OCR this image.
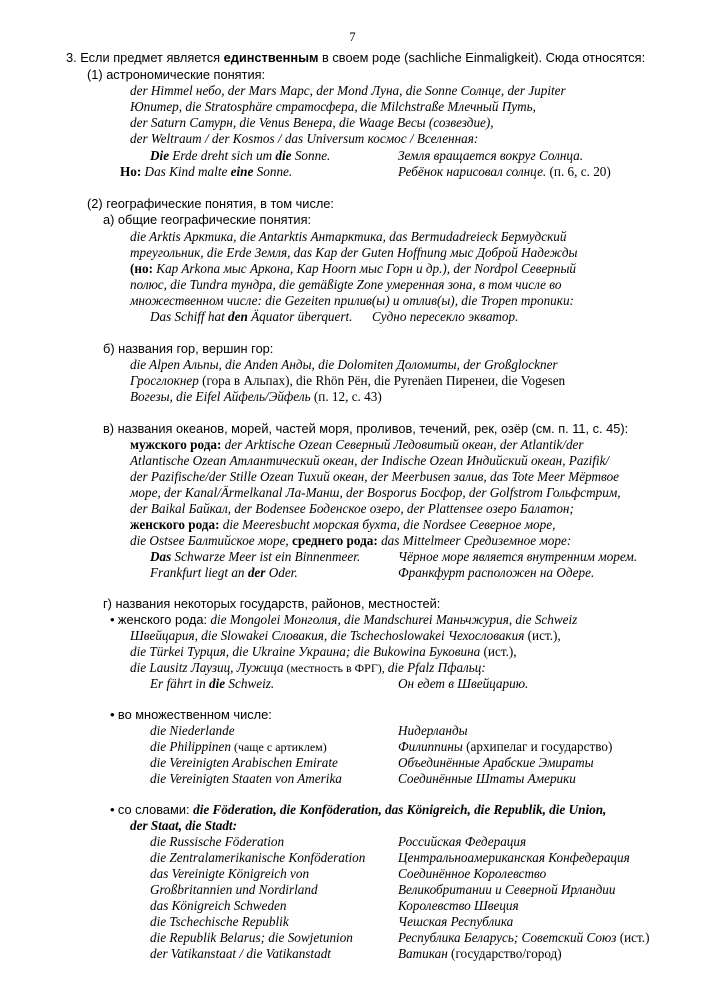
7
3. Если предмет является единственным в своем роде (sachliche Einmaligkeit). Сюда относятся:
(1) астрономические понятия:
der Himmel небо, der Mars Марс, der Mond Луна, die Sonne Солнце, der Jupiter
Юпитер, die Stratosphäre стратосфера, die Milchstraße Млечный Путь,
der Saturn Сатурн, die Venus Венера, die Waage Весы (созвездие),
der Weltraum / der Kosmos / das Universum космос / Вселенная:
Die Erde dreht sich um die Sonne.	Земля вращается вокруг Солнца.
Но: Das Kind malte eine Sonne.	Ребёнок нарисовал солнце. (п. 6, с. 20)
(2) географические понятия, в том числе:
а) общие географические понятия:
die Arktis Арктика, die Antarktis Антарктика, das Bermudadreieck Бермудский
треугольник, die Erde Земля, das Kap der Guten Hoffnung мыс Доброй Надежды
(но: Kap Arkona мыс Аркона, Kap Hoorn мыс Горн и др.), der Nordpol Северный
полюс, die Tundra тундра, die gemäßigte Zone умеренная зона, в том числе во
множественном числе: die Gezeiten прилив(ы) и отлив(ы), die Tropen тропики:
Das Schiff hat den Äquator überquert. Судно пересекло экватор.
б) названия гор, вершин гор:
die Alpen Альпы, die Anden Анды, die Dolomiten Доломиты, der Großglockner
Гросглокнер (гора в Альпах), die Rhön Рён, die Pyrenäen Пиренеи, die Vogesen
Вогезы, die Eifel Айфель/Эйфель (п. 12, с. 43)
в) названия океанов, морей, частей моря, проливов, течений, рек, озёр (см. п. 11, с. 45):
мужского рода: der Arktische Ozean Северный Ледовитый океан, der Atlantik/der
Atlantische Ozean Атлантический океан, der Indische Ozean Индийский океан, Pazifik/
der Pazifische/der Stille Ozean Тихий океан, der Meerbusen залив, das Tote Meer Мёртвое
море, der Kanal/Ärmelkanal Ла-Манш, der Bosporus Босфор, der Golfstrom Гольфстрим,
der Baikal Байкал, der Bodensee Боденское озеро, der Plattensee озеро Балатон;
женского рода: die Meeresbucht морская бухта, die Nordsee Северное море,
die Ostsee Балтийское море, среднего рода: das Mittelmeer Средиземное море:
Das Schwarze Meer ist ein Binnenmeer.	Чёрное море является внутренним морем.
Frankfurt liegt an der Oder.	Франкфурт расположен на Одере.
г) названия некоторых государств, районов, местностей:
• женского рода: die Mongolei Монголия, die Mandschurei Маньчжурия, die Schweiz
Швейцария, die Slowakei Словакия, die Tschechoslowakei Чехословакия (ист.),
die Türkei Турция, die Ukraine Украина; die Bukowina Буковина (ист.),
die Lausitz Лаузиц, Лужица (местность в ФРГ), die Pfalz Пфальц:
Er fährt in die Schweiz.	Он едет в Швейцарию.
• во множественном числе:
die Niederlande	Нидерланды
die Philippinen (чаще с артиклем)	Филиппины (архипелаг и государство)
die Vereinigten Arabischen Emirate	Объединённые Арабские Эмираты
die Vereinigten Staaten von Amerika	Соединённые Штаты Америки
• со словами: die Föderation, die Konföderation, das Königreich, die Republik, die Union,
der Staat, die Stadt:
die Russische Föderation	Российская Федерация
die Zentralamerikanische Konföderation Центральноамериканская Конфедерация
das Vereinigte Königreich von	Соединённое Королевство
Großbritannien und Nordirland	Великобритании и Северной Ирландии
das Königreich Schweden	Королевство Швеция
die Tschechische Republik	Чешская Республика
die Republik Belarus; die Sowjetunion	Республика Беларусь; Советский Союз (ист.)
der Vatikanstaat / die Vatikanstadt	Ватикан (государство/город)
